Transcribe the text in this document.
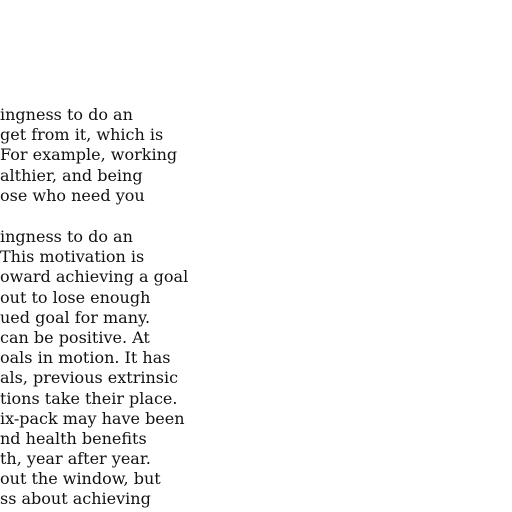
ingness to do an

get from it, which is

For example, working

althier, and being

ose who need you

ingness to do an

This motivation is

oward achieving a goal

out to lose enough

ued goal for many.

can be positive. At

oals in motion. It has

als, previous extrinsic

tions take their place.

ix-pack may have been

nd health benefits

th, year after year.

out the window, but

ss about achieving
